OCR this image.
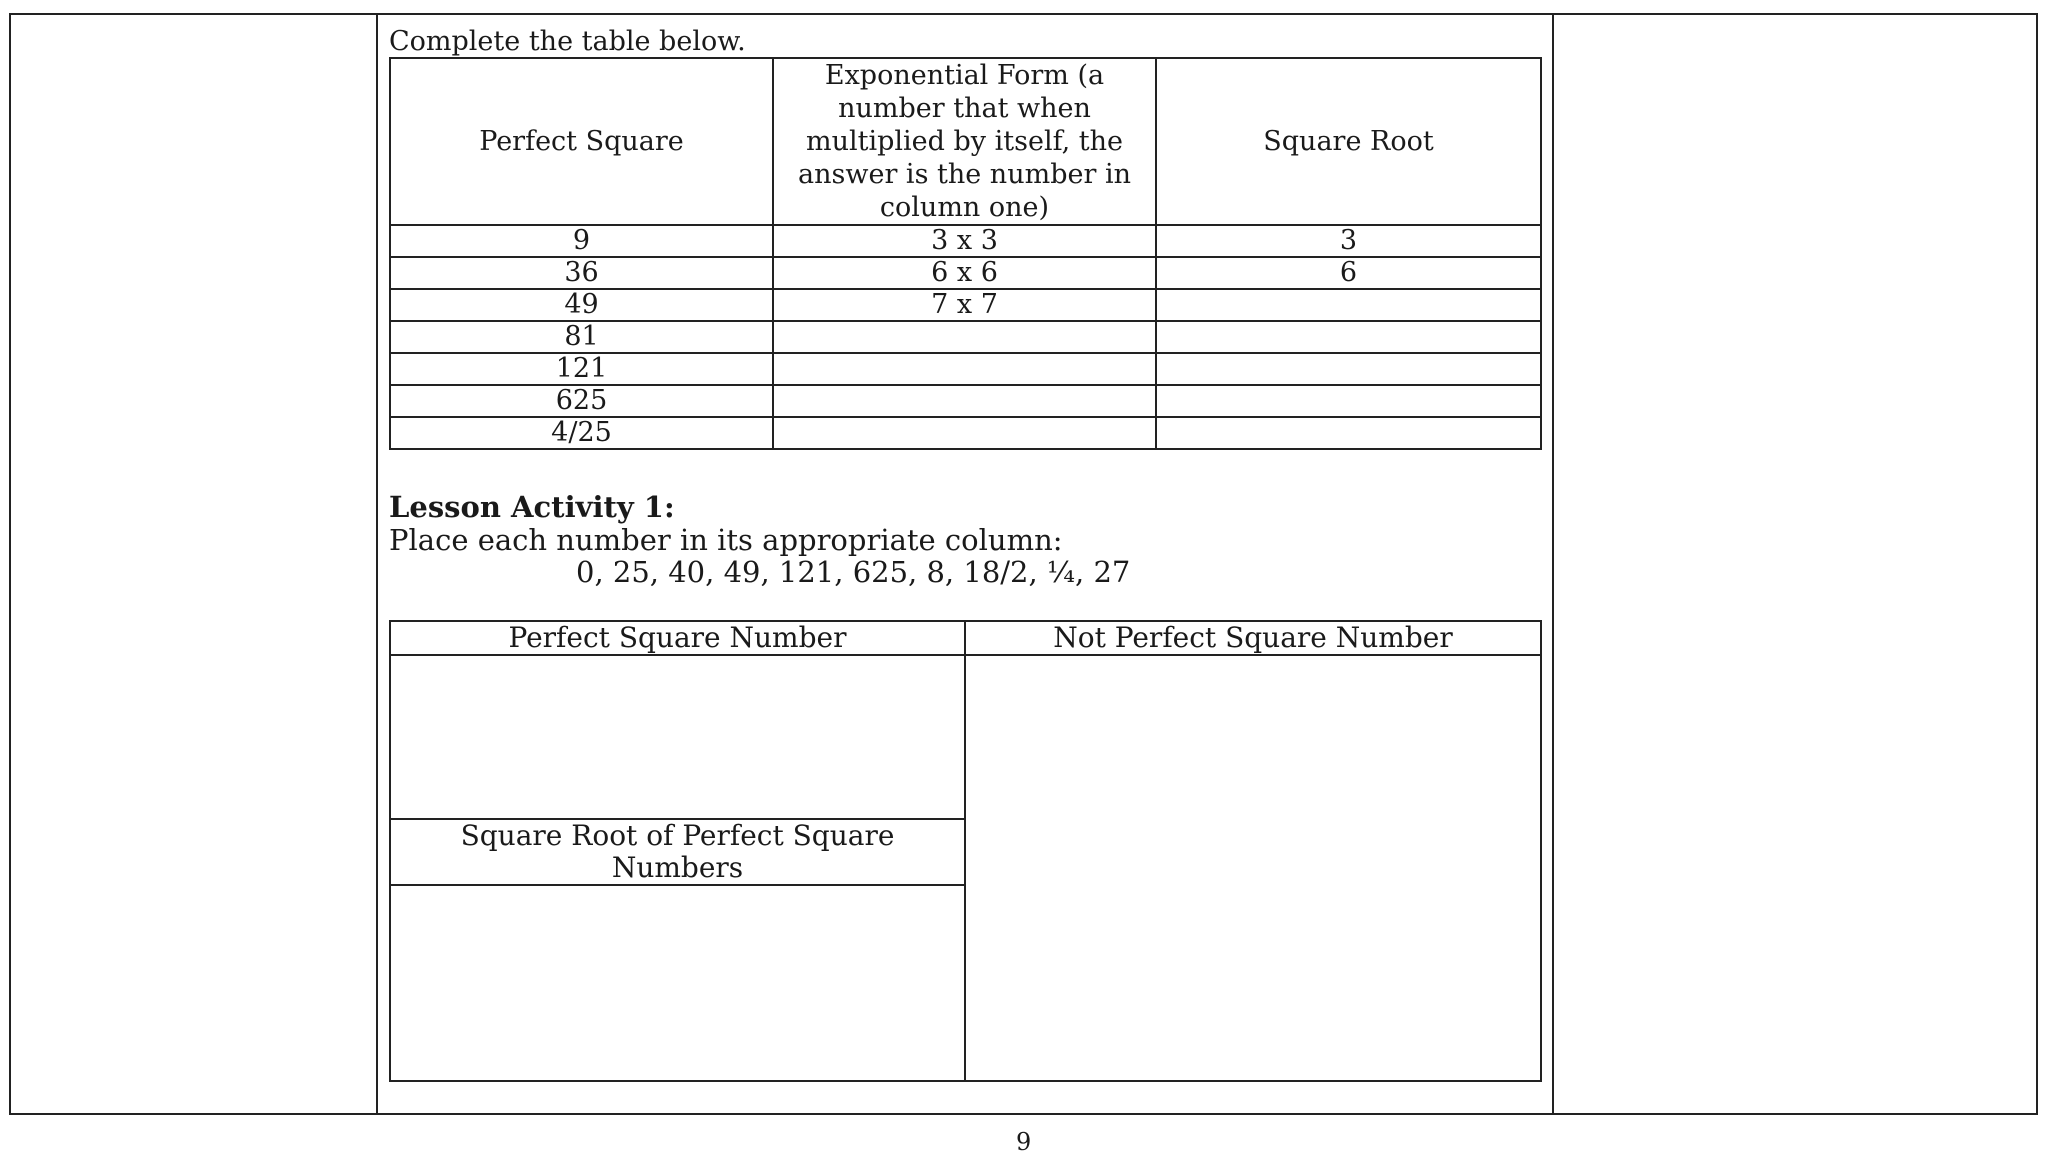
Complete the table below.
Perfect Square	Exponential Form (a number that when multiplied by itself, the answer is the number in column one)	Square Root
9	3 x 3	3
36	6 x 6	6
49	7 x 7	
81		
121		
625		
4/25		
Lesson Activity 1:
Place each number in its appropriate column:
0, 25, 40, 49, 121, 625, 8, 18/2, ¼, 27
Perfect Square Number	Not Perfect Square Number

Square Root of Perfect Square Numbers	

9
